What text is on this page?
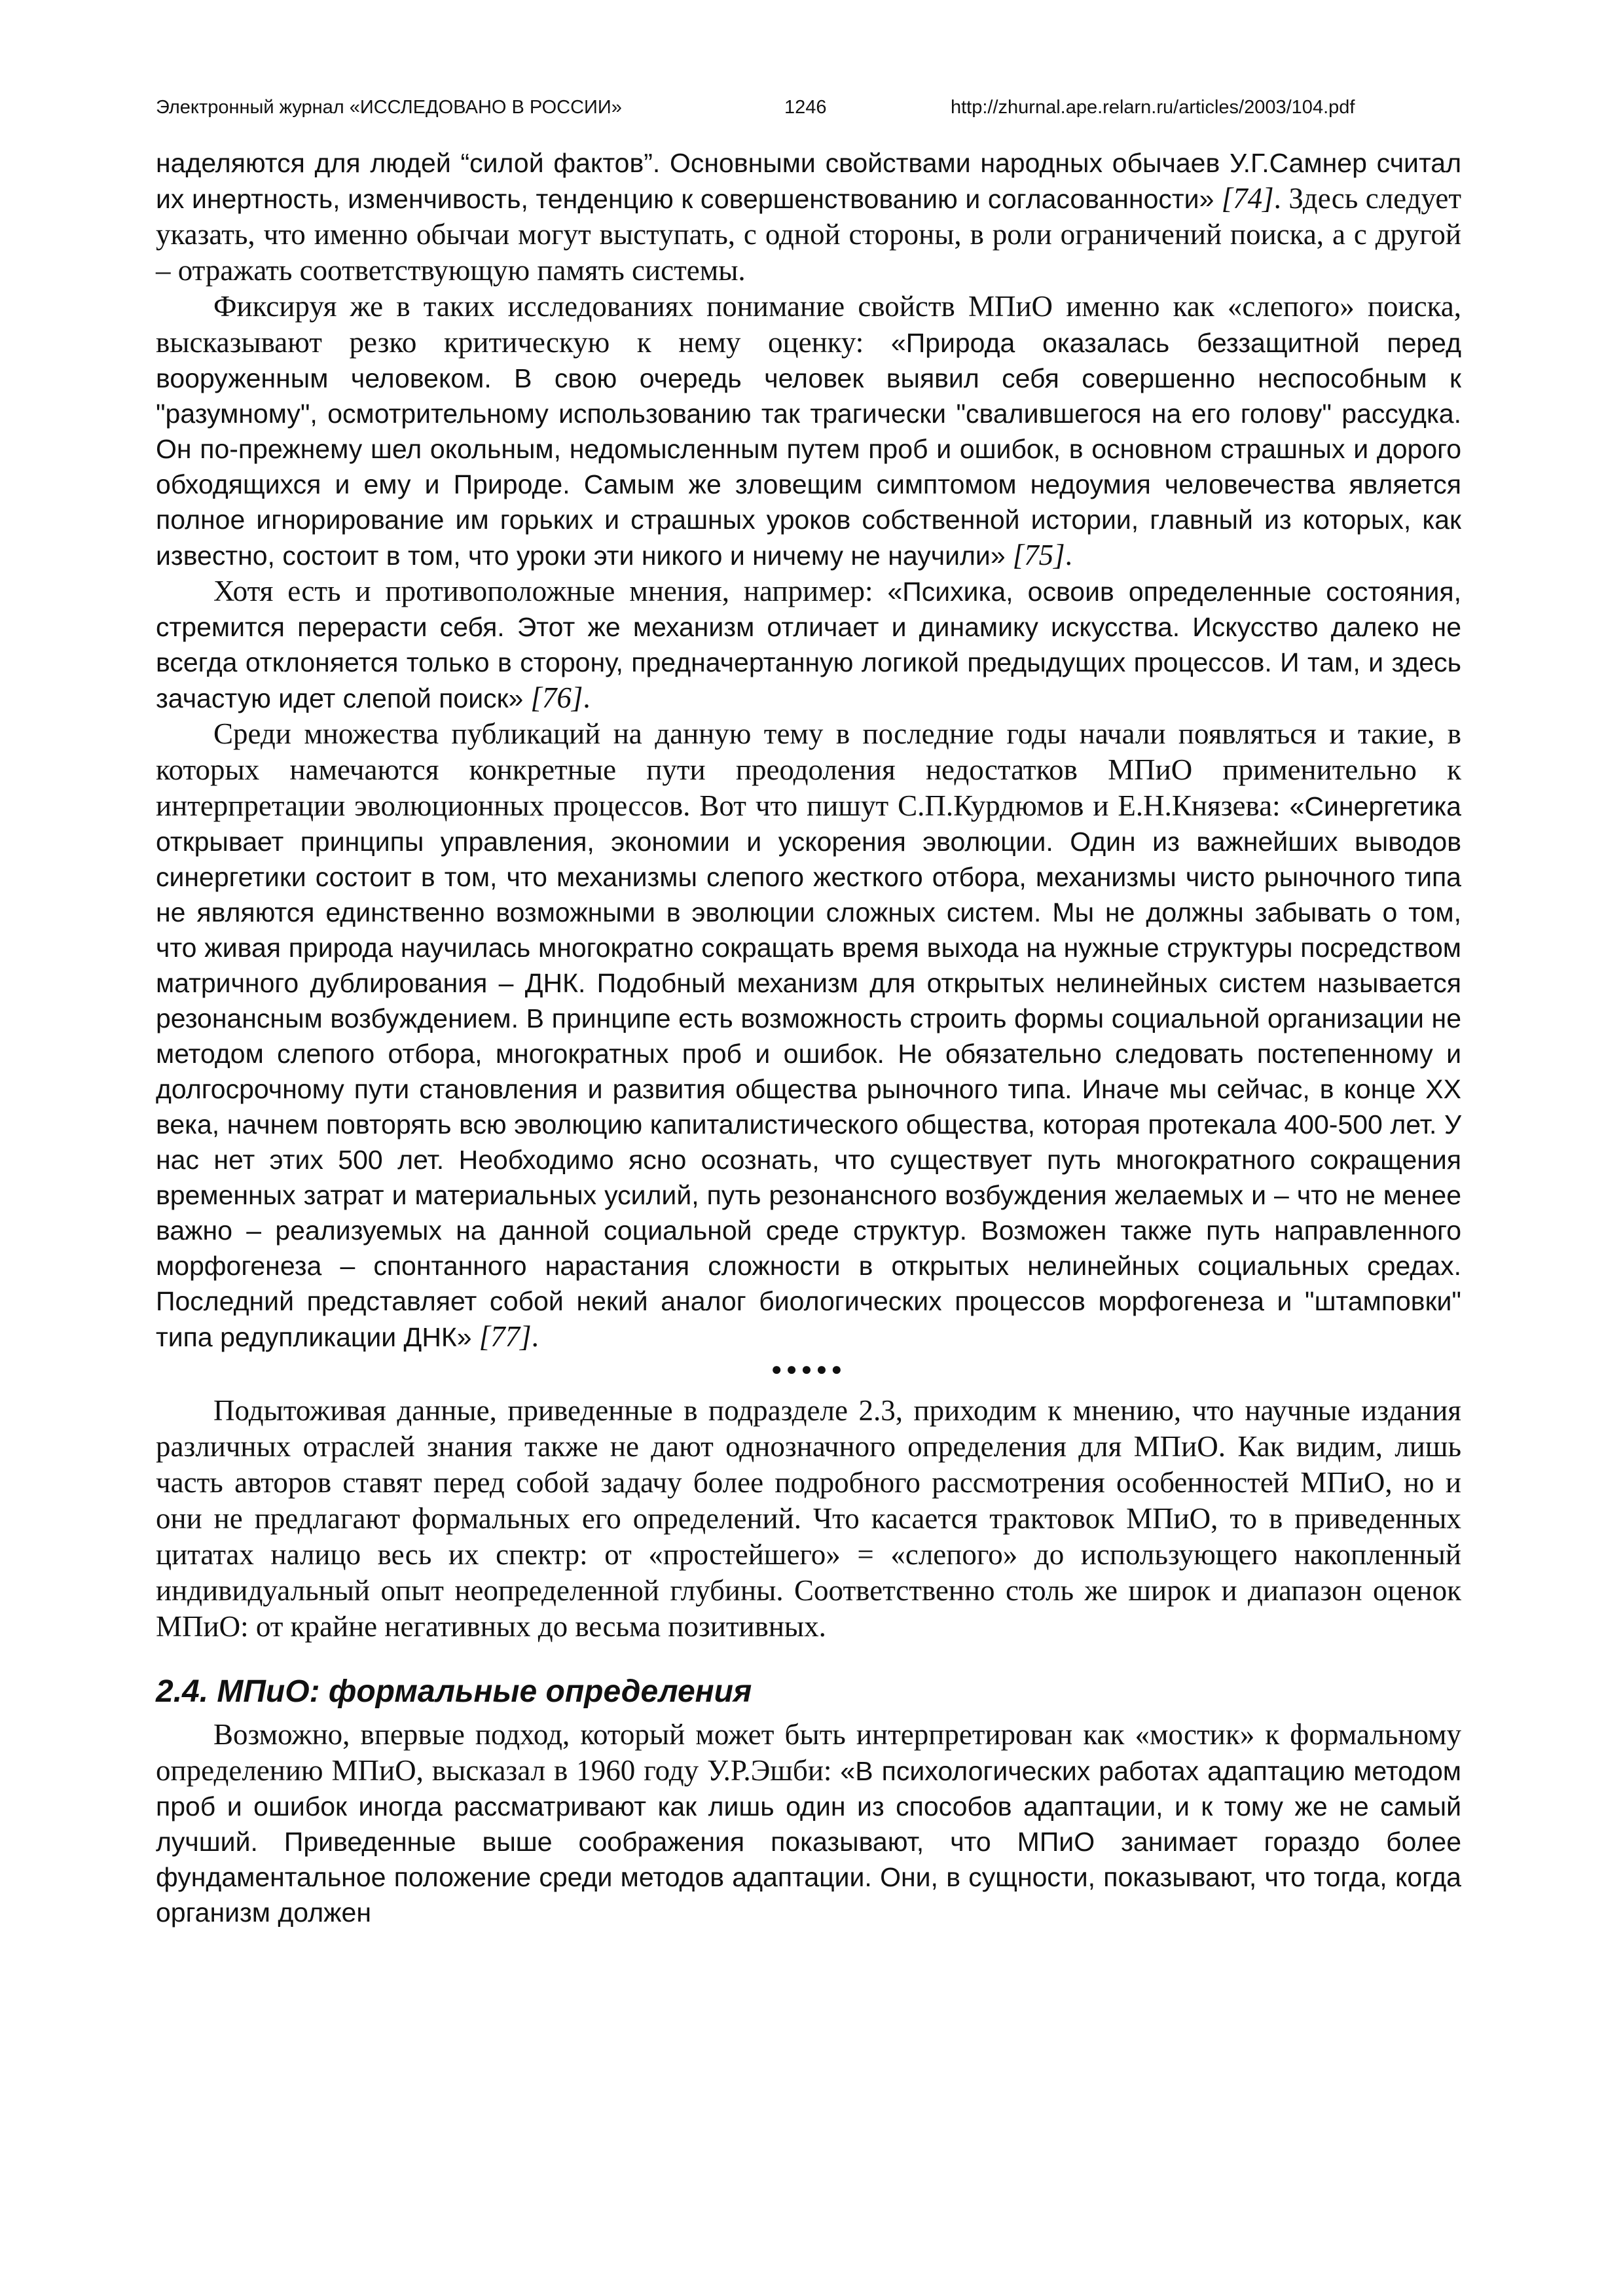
Электронный журнал «ИССЛЕДОВАНО В РОССИИ»	1246	http://zhurnal.ape.relarn.ru/articles/2003/104.pdf

наделяются для людей “силой фактов”. Основными свойствами народных обычаев У.Г.Самнер считал их инертность, изменчивость, тенденцию к совершенствованию и согласованности» [74]. Здесь следует указать, что именно обычаи могут выступать, с одной стороны, в роли ограничений поиска, а с другой – отражать соответствующую память системы.

Фиксируя же в таких исследованиях понимание свойств МПиО именно как «слепого» поиска, высказывают резко критическую к нему оценку: «Природа оказалась беззащитной перед вооруженным человеком. В свою очередь человек выявил себя совершенно неспособным к "разумному", осмотрительному использованию так трагически "свалившегося на его голову" рассудка. Он по-прежнему шел окольным, недомысленным путем проб и ошибок, в основном страшных и дорого обходящихся и ему и Природе. Самым же зловещим симптомом недоумия человечества является полное игнорирование им горьких и страшных уроков собственной истории, главный из которых, как известно, состоит в том, что уроки эти никого и ничему не научили» [75].

Хотя есть и противоположные мнения, например: «Психика, освоив определенные состояния, стремится перерасти себя. Этот же механизм отличает и динамику искусства. Искусство далеко не всегда отклоняется только в сторону, предначертанную логикой предыдущих процессов. И там, и здесь зачастую идет слепой поиск» [76].

Среди множества публикаций на данную тему в последние годы начали появляться и такие, в которых намечаются конкретные пути преодоления недостатков МПиО применительно к интерпретации эволюционных процессов. Вот что пишут С.П.Курдюмов и Е.Н.Князева: «Синергетика открывает принципы управления, экономии и ускорения эволюции. Один из важнейших выводов синергетики состоит в том, что механизмы слепого жесткого отбора, механизмы чисто рыночного типа не являются единственно возможными в эволюции сложных систем. Мы не должны забывать о том, что живая природа научилась многократно сокращать время выхода на нужные структуры посредством матричного дублирования – ДНК. Подобный механизм для открытых нелинейных систем называется резонансным возбуждением. В принципе есть возможность строить формы социальной организации не методом слепого отбора, многократных проб и ошибок. Не обязательно следовать постепенному и долгосрочному пути становления и развития общества рыночного типа. Иначе мы сейчас, в конце XX века, начнем повторять всю эволюцию капиталистического общества, которая протекала 400-500 лет. У нас нет этих 500 лет. Необходимо ясно осознать, что существует путь многократного сокращения временных затрат и материальных усилий, путь резонансного возбуждения желаемых и – что не менее важно – реализуемых на данной социальной среде структур. Возможен также путь направленного морфогенеза – спонтанного нарастания сложности в открытых нелинейных социальных средах. Последний представляет собой некий аналог биологических процессов морфогенеза и "штамповки" типа редупликации ДНК» [77].

●●●●●

Подытоживая данные, приведенные в подразделе 2.3, приходим к мнению, что научные издания различных отраслей знания также не дают однозначного определения для МПиО. Как видим, лишь часть авторов ставят перед собой задачу более подробного рассмотрения особенностей МПиО, но и они не предлагают формальных его определений. Что касается трактовок МПиО, то в приведенных цитатах налицо весь их спектр: от «простейшего» = «слепого» до использующего накопленный индивидуальный опыт неопределенной глубины. Соответственно столь же широк и диапазон оценок МПиО: от крайне негативных до весьма позитивных.

2.4. МПиО: формальные определения

Возможно, впервые подход, который может быть интерпретирован как «мостик» к формальному определению МПиО, высказал в 1960 году У.Р.Эшби: «В психологических работах адаптацию методом проб и ошибок иногда рассматривают как лишь один из способов адаптации, и к тому же не самый лучший. Приведенные выше соображения показывают, что МПиО занимает гораздо более фундаментальное положение среди методов адаптации. Они, в сущности, показывают, что тогда, когда организм должен
